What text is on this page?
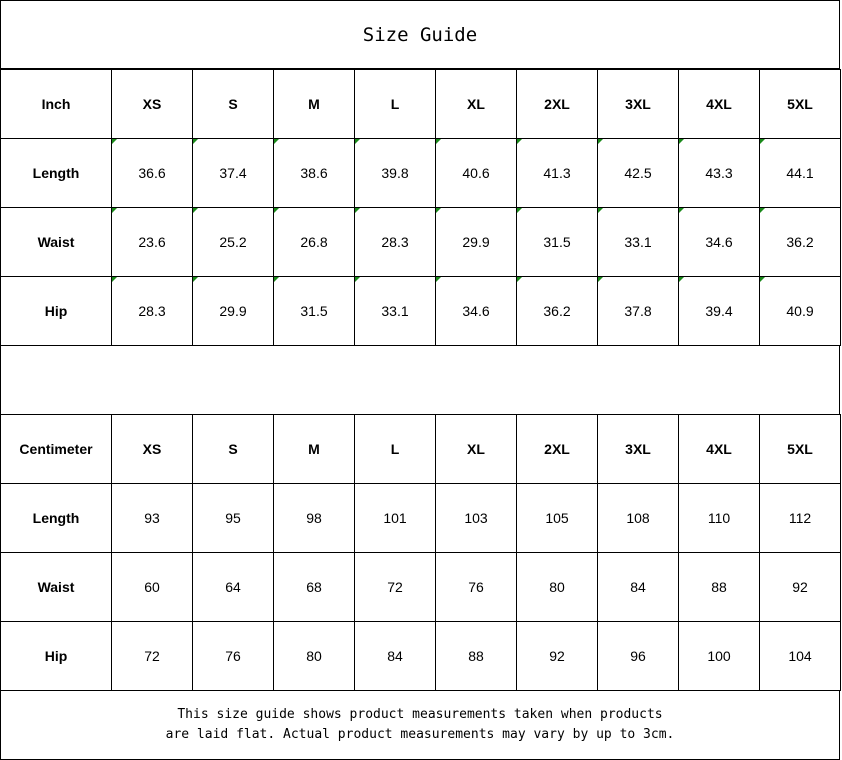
Size Guide
Inch	XS	S	M	L	XL	2XL	3XL	4XL	5XL
Length	36.6	37.4	38.6	39.8	40.6	41.3	42.5	43.3	44.1

Waist	23.6	25.2	26.8	28.3	29.9	31.5	33.1	34.6	36.2

Hip	28.3	29.9	31.5	33.1	34.6	36.2	37.8	39.4	40.9
Centimeter	XS	S	M	L	XL	2XL	3XL	4XL	5XL
Length	93	95	98	101	103	105	108	110	112
Waist	60	64	68	72	76	80	84	88	92
Hip	72	76	80	84	88	92	96	100	104
This size guide shows product measurements taken when products
are laid flat. Actual product measurements may vary by up to 3cm.
